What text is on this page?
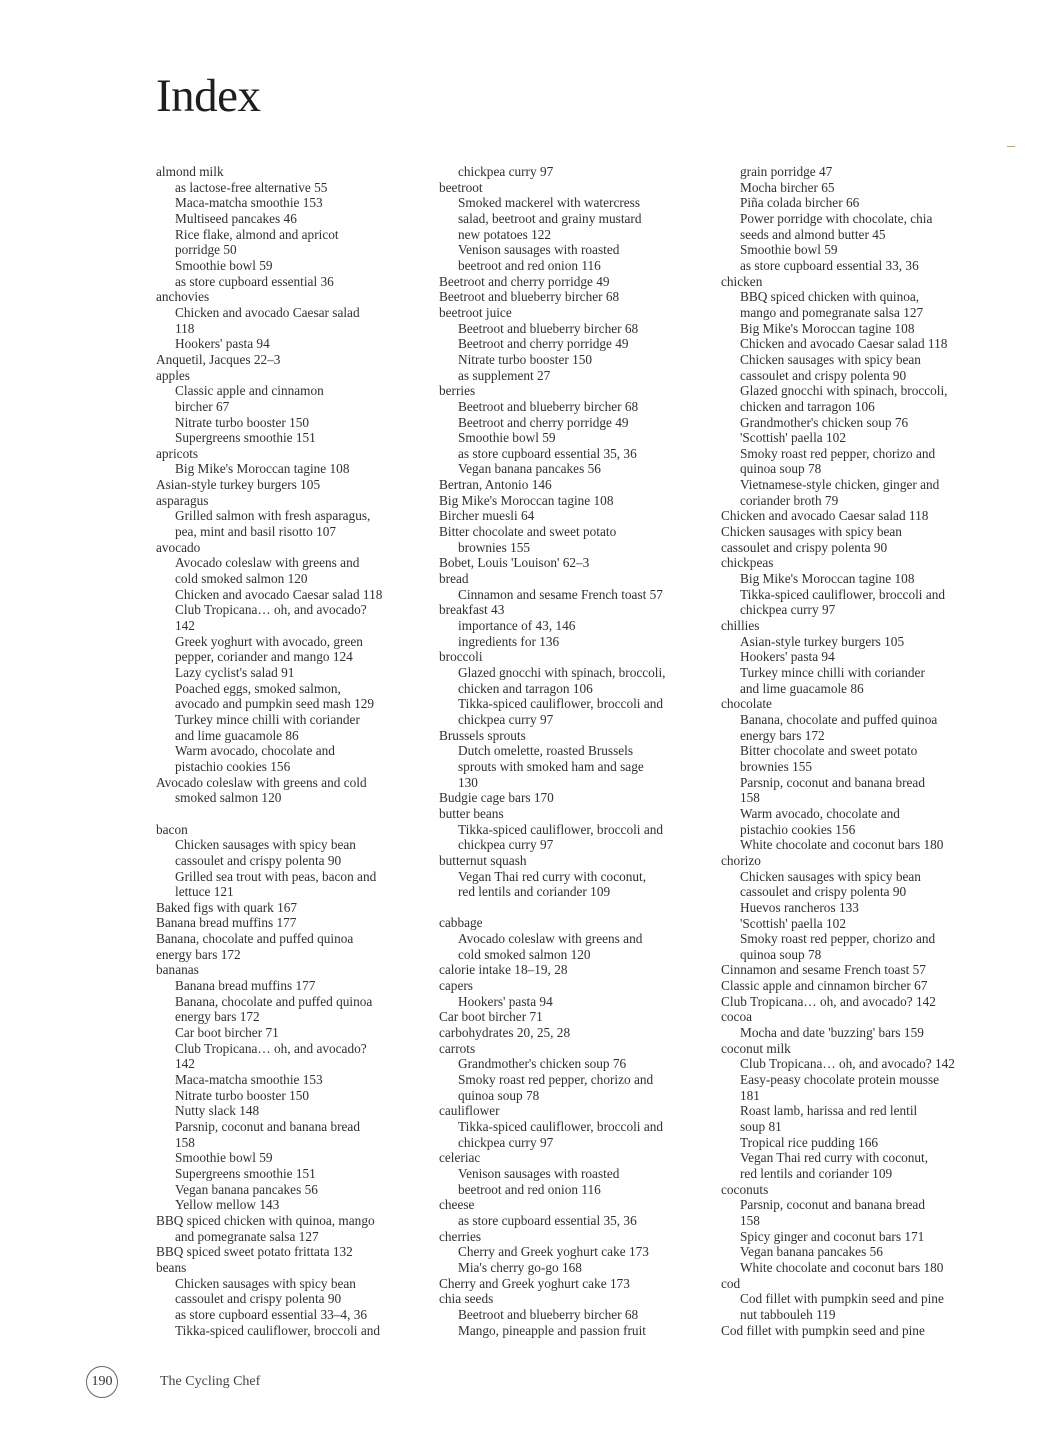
Index
almond milk
as lactose-free alternative 55
Maca-matcha smoothie 153
Multiseed pancakes 46
Rice flake, almond and apricot
porridge 50
Smoothie bowl 59
as store cupboard essential 36
anchovies
Chicken and avocado Caesar salad
118
Hookers' pasta 94
Anquetil, Jacques 22–3
apples
Classic apple and cinnamon
bircher 67
Nitrate turbo booster 150
Supergreens smoothie 151
apricots
Big Mike's Moroccan tagine 108
Asian-style turkey burgers 105
asparagus
Grilled salmon with fresh asparagus,
pea, mint and basil risotto 107
avocado
Avocado coleslaw with greens and
cold smoked salmon 120
Chicken and avocado Caesar salad 118
Club Tropicana… oh, and avocado?
142
Greek yoghurt with avocado, green
pepper, coriander and mango 124
Lazy cyclist's salad 91
Poached eggs, smoked salmon,
avocado and pumpkin seed mash 129
Turkey mince chilli with coriander
and lime guacamole 86
Warm avocado, chocolate and
pistachio cookies 156
Avocado coleslaw with greens and cold
smoked salmon 120
bacon
Chicken sausages with spicy bean
cassoulet and crispy polenta 90
Grilled sea trout with peas, bacon and
lettuce 121
Baked figs with quark 167
Banana bread muffins 177
Banana, chocolate and puffed quinoa
energy bars 172
bananas
Banana bread muffins 177
Banana, chocolate and puffed quinoa
energy bars 172
Car boot bircher 71
Club Tropicana… oh, and avocado?
142
Maca-matcha smoothie 153
Nitrate turbo booster 150
Nutty slack 148
Parsnip, coconut and banana bread
158
Smoothie bowl 59
Supergreens smoothie 151
Vegan banana pancakes 56
Yellow mellow 143
BBQ spiced chicken with quinoa, mango
and pomegranate salsa 127
BBQ spiced sweet potato frittata 132
beans
Chicken sausages with spicy bean
cassoulet and crispy polenta 90
as store cupboard essential 33–4, 36
Tikka-spiced cauliflower, broccoli and
chickpea curry 97
beetroot
Smoked mackerel with watercress
salad, beetroot and grainy mustard
new potatoes 122
Venison sausages with roasted
beetroot and red onion 116
Beetroot and cherry porridge 49
Beetroot and blueberry bircher 68
beetroot juice
Beetroot and blueberry bircher 68
Beetroot and cherry porridge 49
Nitrate turbo booster 150
as supplement 27
berries
Beetroot and blueberry bircher 68
Beetroot and cherry porridge 49
Smoothie bowl 59
as store cupboard essential 35, 36
Vegan banana pancakes 56
Bertran, Antonio 146
Big Mike's Moroccan tagine 108
Bircher muesli 64
Bitter chocolate and sweet potato
brownies 155
Bobet, Louis 'Louison' 62–3
bread
Cinnamon and sesame French toast 57
breakfast 43
importance of 43, 146
ingredients for 136
broccoli
Glazed gnocchi with spinach, broccoli,
chicken and tarragon 106
Tikka-spiced cauliflower, broccoli and
chickpea curry 97
Brussels sprouts
Dutch omelette, roasted Brussels
sprouts with smoked ham and sage
130
Budgie cage bars 170
butter beans
Tikka-spiced cauliflower, broccoli and
chickpea curry 97
butternut squash
Vegan Thai red curry with coconut,
red lentils and coriander 109
cabbage
Avocado coleslaw with greens and
cold smoked salmon 120
calorie intake 18–19, 28
capers
Hookers' pasta 94
Car boot bircher 71
carbohydrates 20, 25, 28
carrots
Grandmother's chicken soup 76
Smoky roast red pepper, chorizo and
quinoa soup 78
cauliflower
Tikka-spiced cauliflower, broccoli and
chickpea curry 97
celeriac
Venison sausages with roasted
beetroot and red onion 116
cheese
as store cupboard essential 35, 36
cherries
Cherry and Greek yoghurt cake 173
Mia's cherry go-go 168
Cherry and Greek yoghurt cake 173
chia seeds
Beetroot and blueberry bircher 68
Mango, pineapple and passion fruit
grain porridge 47
Mocha bircher 65
Piña colada bircher 66
Power porridge with chocolate, chia
seeds and almond butter 45
Smoothie bowl 59
as store cupboard essential 33, 36
chicken
BBQ spiced chicken with quinoa,
mango and pomegranate salsa 127
Big Mike's Moroccan tagine 108
Chicken and avocado Caesar salad 118
Chicken sausages with spicy bean
cassoulet and crispy polenta 90
Glazed gnocchi with spinach, broccoli,
chicken and tarragon 106
Grandmother's chicken soup 76
'Scottish' paella 102
Smoky roast red pepper, chorizo and
quinoa soup 78
Vietnamese-style chicken, ginger and
coriander broth 79
Chicken and avocado Caesar salad 118
Chicken sausages with spicy bean
cassoulet and crispy polenta 90
chickpeas
Big Mike's Moroccan tagine 108
Tikka-spiced cauliflower, broccoli and
chickpea curry 97
chillies
Asian-style turkey burgers 105
Hookers' pasta 94
Turkey mince chilli with coriander
and lime guacamole 86
chocolate
Banana, chocolate and puffed quinoa
energy bars 172
Bitter chocolate and sweet potato
brownies 155
Parsnip, coconut and banana bread
158
Warm avocado, chocolate and
pistachio cookies 156
White chocolate and coconut bars 180
chorizo
Chicken sausages with spicy bean
cassoulet and crispy polenta 90
Huevos rancheros 133
'Scottish' paella 102
Smoky roast red pepper, chorizo and
quinoa soup 78
Cinnamon and sesame French toast 57
Classic apple and cinnamon bircher 67
Club Tropicana… oh, and avocado? 142
cocoa
Mocha and date 'buzzing' bars 159
coconut milk
Club Tropicana… oh, and avocado? 142
Easy-peasy chocolate protein mousse
181
Roast lamb, harissa and red lentil
soup 81
Tropical rice pudding 166
Vegan Thai red curry with coconut,
red lentils and coriander 109
coconuts
Parsnip, coconut and banana bread
158
Spicy ginger and coconut bars 171
Vegan banana pancakes 56
White chocolate and coconut bars 180
cod
Cod fillet with pumpkin seed and pine
nut tabbouleh 119
Cod fillet with pumpkin seed and pine
190	The Cycling Chef
